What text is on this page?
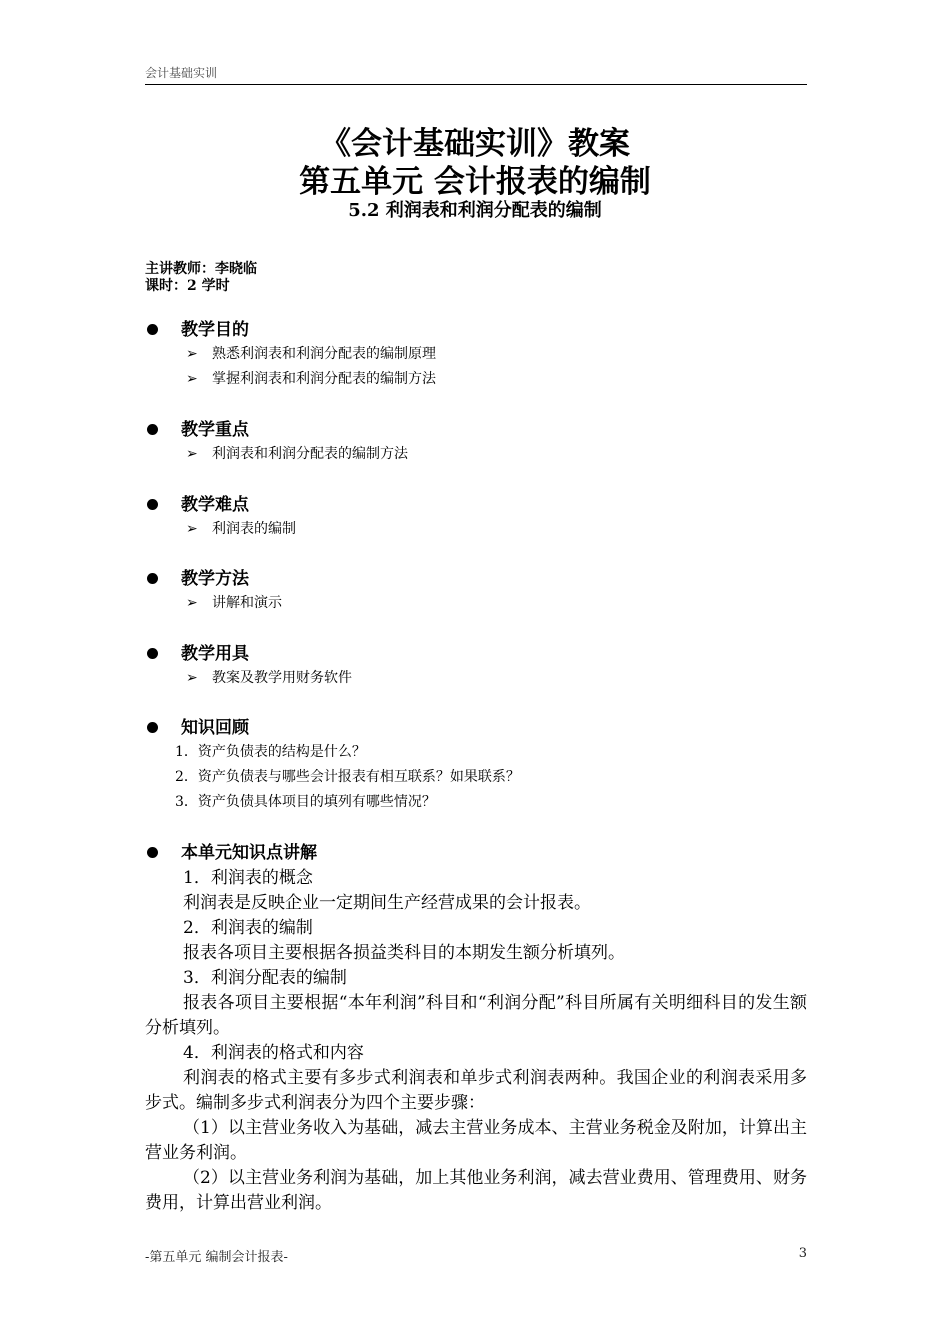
会计基础实训
《会计基础实训》教案
第五单元 会计报表的编制
5.2 利润表和利润分配表的编制
主讲教师：李晓临
课时：2 学时
教学目的
➢ 熟悉利润表和利润分配表的编制原理
➢ 掌握利润表和利润分配表的编制方法
教学重点
➢ 利润表和利润分配表的编制方法
教学难点
➢ 利润表的编制
教学方法
➢ 讲解和演示
教学用具
➢ 教案及教学用财务软件
知识回顾
1．资产负债表的结构是什么？
2．资产负债表与哪些会计报表有相互联系？如果联系？
3．资产负债具体项目的填列有哪些情况？
本单元知识点讲解
1．利润表的概念
利润表是反映企业一定期间生产经营成果的会计报表。
2．利润表的编制
报表各项目主要根据各损益类科目的本期发生额分析填列。
3．利润分配表的编制
报表各项目主要根据“本年利润”科目和“利润分配”科目所属有关明细科目的发生额分析填列。
4．利润表的格式和内容
利润表的格式主要有多步式利润表和单步式利润表两种。我国企业的利润表采用多步式。编制多步式利润表分为四个主要步骤：
（1）以主营业务收入为基础，减去主营业务成本、主营业务税金及附加，计算出主营业务利润。
（2）以主营业务利润为基础，加上其他业务利润，减去营业费用、管理费用、财务费用，计算出营业利润。
-第五单元 编制会计报表-	3
